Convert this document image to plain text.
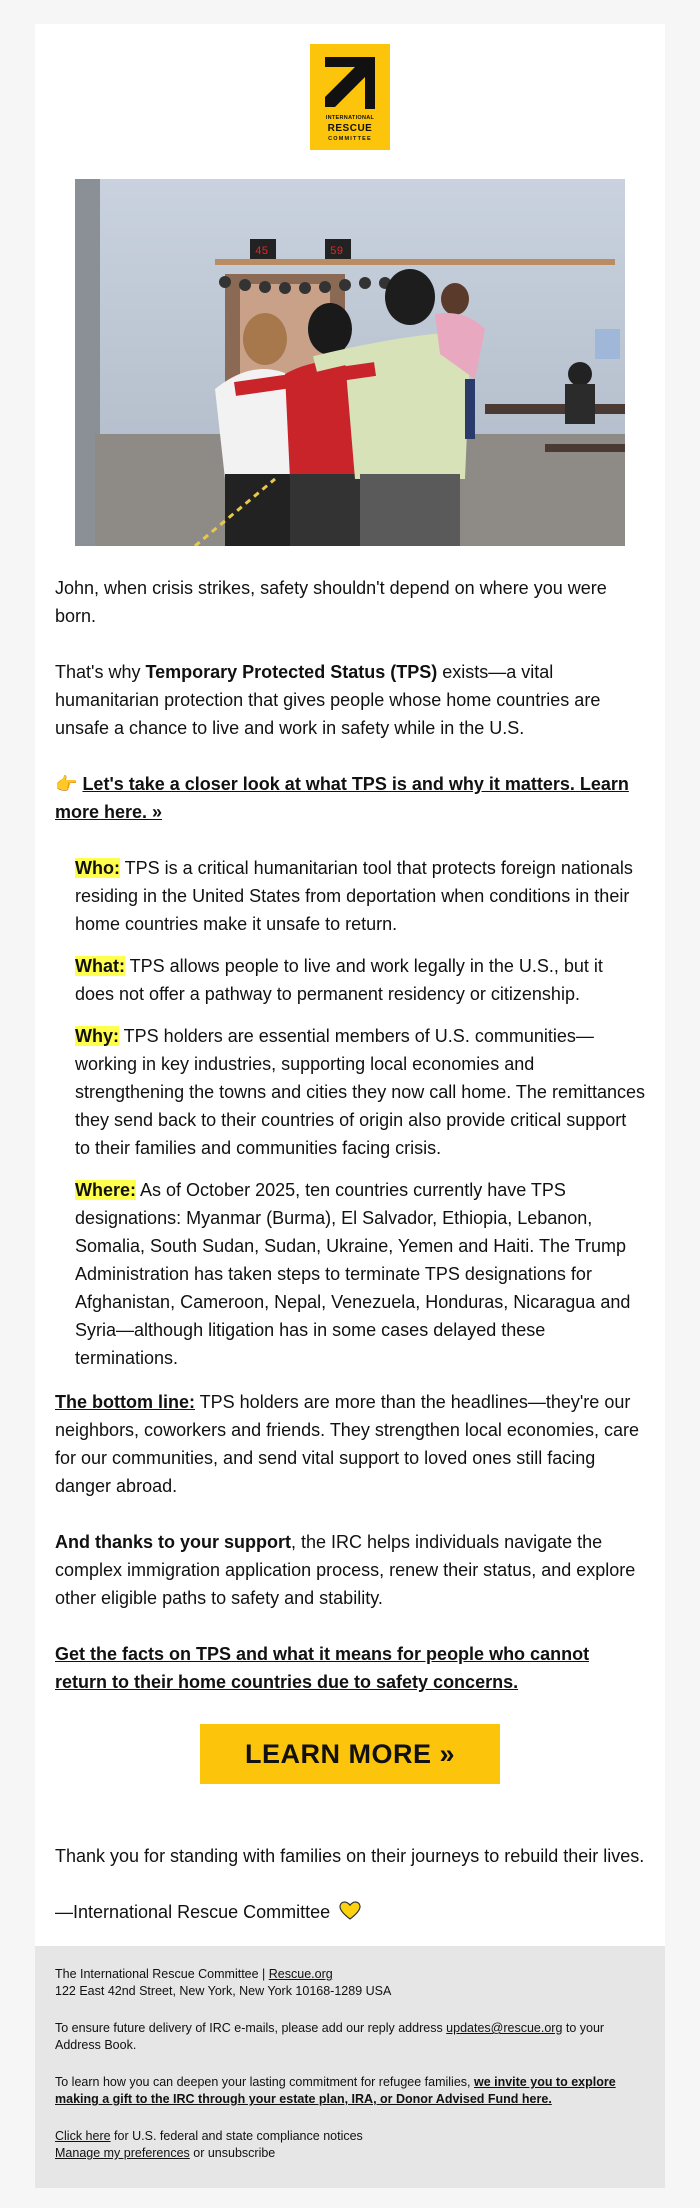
INTERNATIONAL
RESCUE
COMMITTEE
45	59

John, when crisis strikes, safety shouldn't depend on where you were born.

That's why Temporary Protected Status (TPS) exists—a vital humanitarian protection that gives people whose home countries are unsafe a chance to live and work in safety while in the U.S.

👉 Let's take a closer look at what TPS is and why it matters. Learn more here. »

Who: TPS is a critical humanitarian tool that protects foreign nationals residing in the United States from deportation when conditions in their home countries make it unsafe to return.

What: TPS allows people to live and work legally in the U.S., but it does not offer a pathway to permanent residency or citizenship.

Why: TPS holders are essential members of U.S. communities—working in key industries, supporting local economies and strengthening the towns and cities they now call home. The remittances they send back to their countries of origin also provide critical support to their families and communities facing crisis.

Where: As of October 2025, ten countries currently have TPS designations: Myanmar (Burma), El Salvador, Ethiopia, Lebanon, Somalia, South Sudan, Sudan, Ukraine, Yemen and Haiti. The Trump Administration has taken steps to terminate TPS designations for Afghanistan, Cameroon, Nepal, Venezuela, Honduras, Nicaragua and Syria—although litigation has in some cases delayed these terminations.

The bottom line: TPS holders are more than the headlines—they're our neighbors, coworkers and friends. They strengthen local economies, care for our communities, and send vital support to loved ones still facing danger abroad.

And thanks to your support, the IRC helps individuals navigate the complex immigration application process, renew their status, and explore other eligible paths to safety and stability.

Get the facts on TPS and what it means for people who cannot return to their home countries due to safety concerns.

LEARN MORE »

Thank you for standing with families on their journeys to rebuild their lives.

—International Rescue Committee

The International Rescue Committee | Rescue.org
122 East 42nd Street, New York, New York 10168-1289 USA
To ensure future delivery of IRC e-mails, please add our reply address updates@rescue.org to your Address Book.
To learn how you can deepen your lasting commitment for refugee families, we invite you to explore making a gift to the IRC through your estate plan, IRA, or Donor Advised Fund here.
Click here for U.S. federal and state compliance notices
Manage my preferences or unsubscribe
